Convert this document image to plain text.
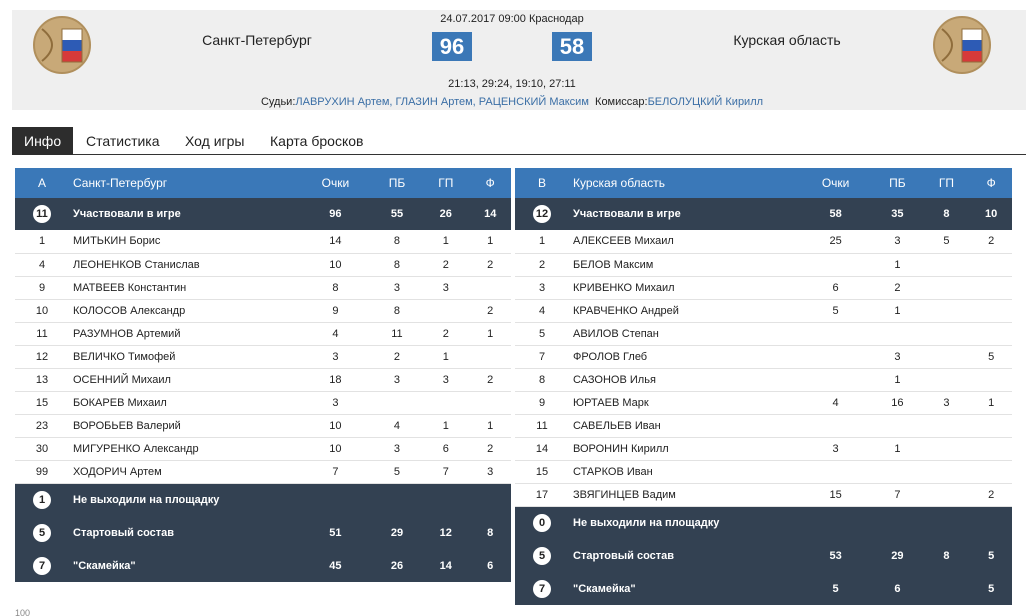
Санкт-Петербург
24.07.2017 09:00 Краснодар
96	58	Курская область
21:13, 29:24, 19:10, 27:11
Судьи:ЛАВРУХИН Артем, ГЛАЗИН Артем, РАЦЕНСКИЙ Максим Комиссар:БЕЛОЛУЦКИЙ Кирилл
Инфо	Статистика	Ход игры	Карта бросков
A	Санкт-Петербург	Очки	ПБ	ГП	Ф
11	Участвовали в игре	96	55	26	14
1	МИТЬКИН Борис	14	8	1	1
4	ЛЕОНЕНКОВ Станислав	10	8	2	2
9	МАТВЕЕВ Константин	8	3	3	
10	КОЛОСОВ Александр	9	8		2
11	РАЗУМНОВ Артемий	4	11	2	1
12	ВЕЛИЧКО Тимофей	3	2	1	
13	ОСЕННИЙ Михаил	18	3	3	2
15	БОКАРЕВ Михаил	3			
23	ВОРОБЬЕВ Валерий	10	4	1	1
30	МИГУРЕНКО Александр	10	3	6	2
99	ХОДОРИЧ Артем	7	5	7	3
1	Не выходили на площадку				
5	Стартовый состав	51	29	12	8
7	"Скамейка"	45	26	14	6
B	Курская область	Очки	ПБ	ГП	Ф
12	Участвовали в игре	58	35	8	10
1	АЛЕКСЕЕВ Михаил	25	3	5	2
2	БЕЛОВ Максим		1		
3	КРИВЕНКО Михаил	6	2		
4	КРАВЧЕНКО Андрей	5	1		
5	АВИЛОВ Степан				
7	ФРОЛОВ Глеб		3		5
8	САЗОНОВ Илья		1		
9	ЮРТАЕВ Марк	4	16	3	1
11	САВЕЛЬЕВ Иван				
14	ВОРОНИН Кирилл	3	1		
15	СТАРКОВ Иван				
17	ЗВЯГИНЦЕВ Вадим	15	7		2
0	Не выходили на площадку				
5	Стартовый состав	53	29	8	5
7	"Скамейка"	5	6		5
100
